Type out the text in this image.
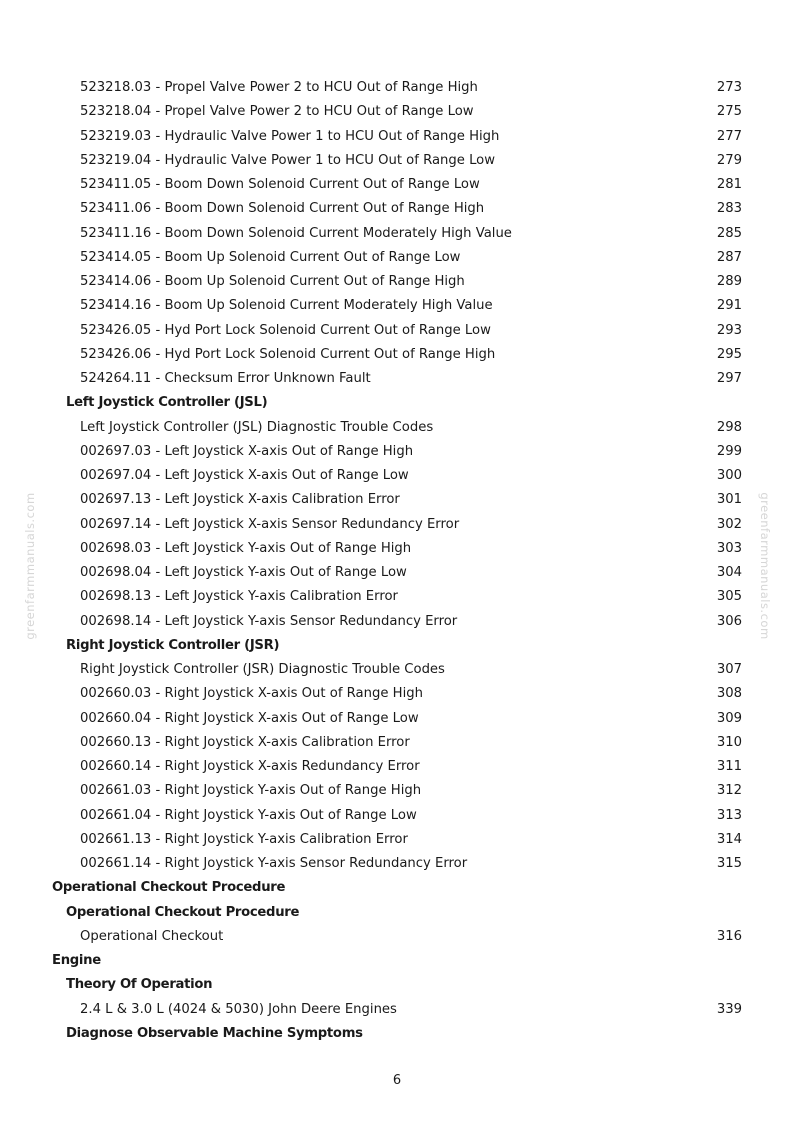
greenfarmmanuals.com	greenfarmmanuals.com
523218.03 - Propel Valve Power 2 to HCU Out of Range High	273
523218.04 - Propel Valve Power 2 to HCU Out of Range Low	275
523219.03 - Hydraulic Valve Power 1 to HCU Out of Range High	277
523219.04 - Hydraulic Valve Power 1 to HCU Out of Range Low	279
523411.05 - Boom Down Solenoid Current Out of Range Low	281
523411.06 - Boom Down Solenoid Current Out of Range High	283
523411.16 - Boom Down Solenoid Current Moderately High Value	285
523414.05 - Boom Up Solenoid Current Out of Range Low	287
523414.06 - Boom Up Solenoid Current Out of Range High	289
523414.16 - Boom Up Solenoid Current Moderately High Value	291
523426.05 - Hyd Port Lock Solenoid Current Out of Range Low	293
523426.06 - Hyd Port Lock Solenoid Current Out of Range High	295
524264.11 - Checksum Error Unknown Fault	297
Left Joystick Controller (JSL)
Left Joystick Controller (JSL) Diagnostic Trouble Codes	298
002697.03 - Left Joystick X-axis Out of Range High	299
002697.04 - Left Joystick X-axis Out of Range Low	300
002697.13 - Left Joystick X-axis Calibration Error	301
002697.14 - Left Joystick X-axis Sensor Redundancy Error	302
002698.03 - Left Joystick Y-axis Out of Range High	303
002698.04 - Left Joystick Y-axis Out of Range Low	304
002698.13 - Left Joystick Y-axis Calibration Error	305
002698.14 - Left Joystick Y-axis Sensor Redundancy Error	306
Right Joystick Controller (JSR)
Right Joystick Controller (JSR) Diagnostic Trouble Codes	307
002660.03 - Right Joystick X-axis Out of Range High	308
002660.04 - Right Joystick X-axis Out of Range Low	309
002660.13 - Right Joystick X-axis Calibration Error	310
002660.14 - Right Joystick X-axis Redundancy Error	311
002661.03 - Right Joystick Y-axis Out of Range High	312
002661.04 - Right Joystick Y-axis Out of Range Low	313
002661.13 - Right Joystick Y-axis Calibration Error	314
002661.14 - Right Joystick Y-axis Sensor Redundancy Error	315
Operational Checkout Procedure
Operational Checkout Procedure
Operational Checkout	316
Engine
Theory Of Operation
2.4 L & 3.0 L (4024 & 5030) John Deere Engines	339
Diagnose Observable Machine Symptoms
6
